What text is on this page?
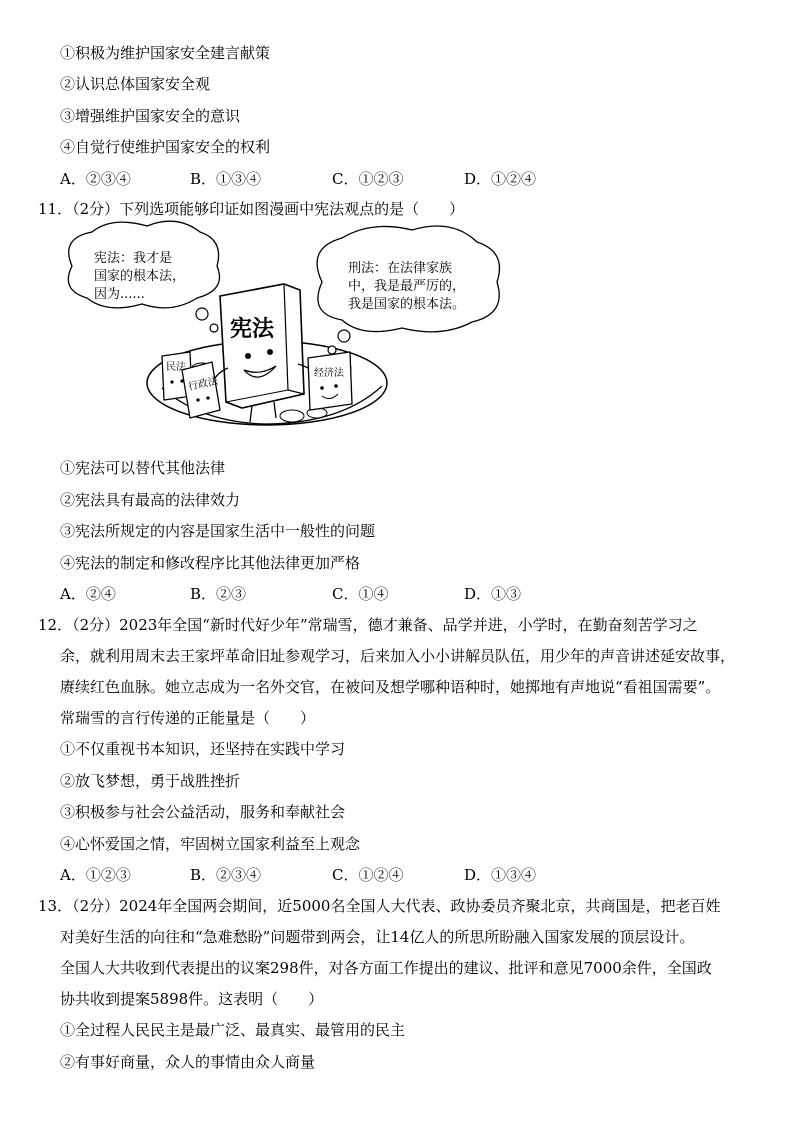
①积极为维护国家安全建言献策
②认识总体国家安全观
③增强维护国家安全的意识
④自觉行使维护国家安全的权利
A．②③④	B．①③④	C．①②③	D．①②④
11．（2分）下列选项能够印证如图漫画中宪法观点的是（　　）
宪法：我才是
国家的根本法，
因为......
刑法：在法律家族
中，我是最严厉的，
我是国家的根本法。
宪法
民法
行政法
经济法
①宪法可以替代其他法律
②宪法具有最高的法律效力
③宪法所规定的内容是国家生活中一般性的问题
④宪法的制定和修改程序比其他法律更加严格
A．②④	B．②③	C．①④	D．①③
12．（2分）2023年全国“新时代好少年”常瑞雪，德才兼备、品学并进，小学时，在勤奋刻苦学习之
余，就利用周末去王家坪革命旧址参观学习，后来加入小小讲解员队伍，用少年的声音讲述延安故事，
赓续红色血脉。她立志成为一名外交官，在被问及想学哪种语种时，她掷地有声地说“看祖国需要”。
常瑞雪的言行传递的正能量是（　　）
①不仅重视书本知识，还坚持在实践中学习
②放飞梦想，勇于战胜挫折
③积极参与社会公益活动，服务和奉献社会
④心怀爱国之情，牢固树立国家利益至上观念
A．①②③	B．②③④	C．①②④	D．①③④
13．（2分）2024年全国两会期间，近5000名全国人大代表、政协委员齐聚北京，共商国是，把老百姓
对美好生活的向往和“急难愁盼”问题带到两会，让14亿人的所思所盼融入国家发展的顶层设计。
全国人大共收到代表提出的议案298件，对各方面工作提出的建议、批评和意见7000余件，全国政
协共收到提案5898件。这表明（　　）
①全过程人民民主是最广泛、最真实、最管用的民主
②有事好商量，众人的事情由众人商量
